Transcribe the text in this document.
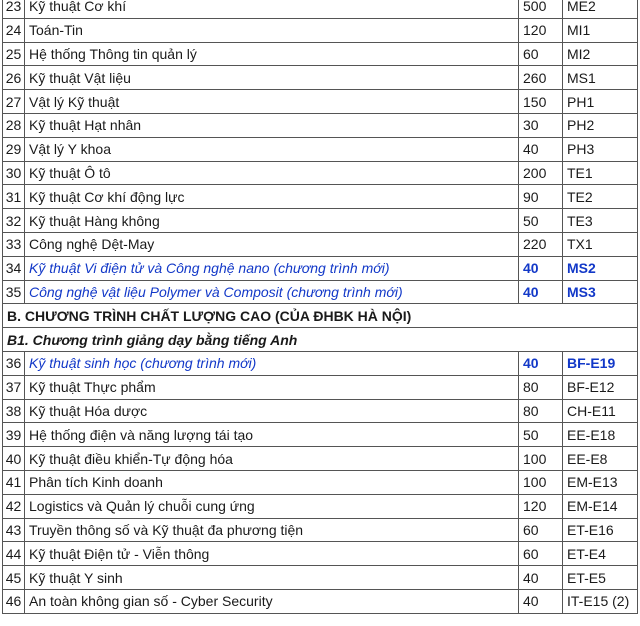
23	Kỹ thuật Cơ khí	500	ME2
24	Toán-Tin	120	MI1
25	Hệ thống Thông tin quản lý	60	MI2
26	Kỹ thuật Vật liệu	260	MS1
27	Vật lý Kỹ thuật	150	PH1
28	Kỹ thuật Hạt nhân	30	PH2
29	Vật lý Y khoa	40	PH3
30	Kỹ thuật Ô tô	200	TE1
31	Kỹ thuật Cơ khí động lực	90	TE2
32	Kỹ thuật Hàng không	50	TE3
33	Công nghệ Dệt-May	220	TX1
34	Kỹ thuật Vi điện tử và Công nghệ nano (chương trình mới)	40	MS2
35	Công nghệ vật liệu Polymer và Composit (chương trình mới)	40	MS3
B. CHƯƠNG TRÌNH CHẤT LƯỢNG CAO (CỦA ĐHBK HÀ NỘI)			
B1. Chương trình giảng dạy bằng tiếng Anh			
36	Kỹ thuật sinh học (chương trình mới)	40	BF-E19
37	Kỹ thuật Thực phẩm	80	BF-E12
38	Kỹ thuật Hóa dược	80	CH-E11
39	Hệ thống điện và năng lượng tái tạo	50	EE-E18
40	Kỹ thuật điều khiển-Tự động hóa	100	EE-E8
41	Phân tích Kinh doanh	100	EM-E13
42	Logistics và Quản lý chuỗi cung ứng	120	EM-E14
43	Truyền thông số và Kỹ thuật đa phương tiện	60	ET-E16
44	Kỹ thuật Điện tử - Viễn thông	60	ET-E4
45	Kỹ thuật Y sinh	40	ET-E5
46	An toàn không gian số - Cyber Security	40	IT-E15 (2)
